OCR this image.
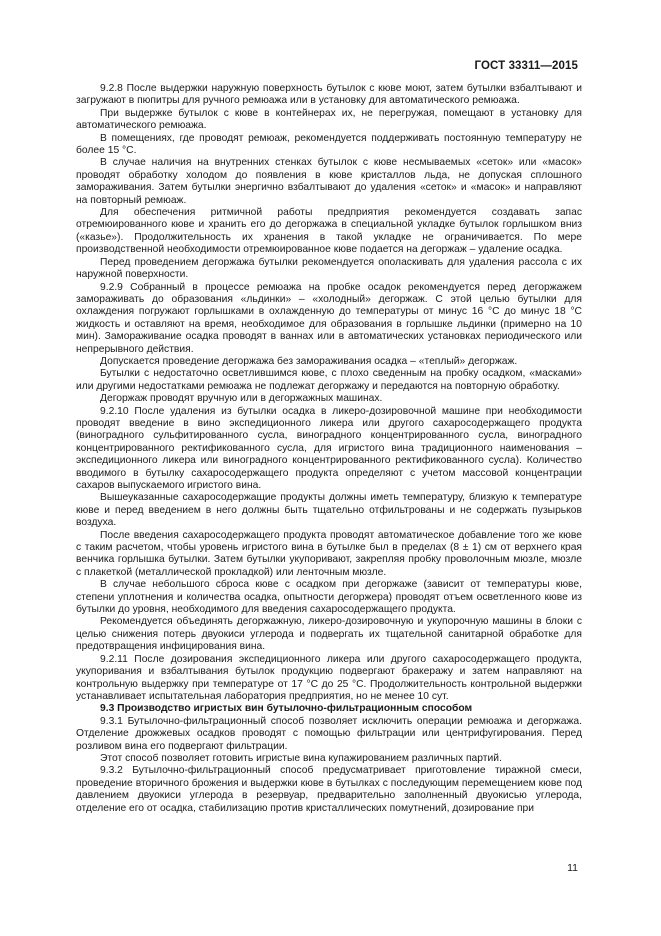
ГОСТ 33311—2015

9.2.8 После выдержки наружную поверхность бутылок с кюве моют, затем бутылки взбалтывают и загружают в пюпитры для ручного ремюажа или в установку для автоматического ремюажа.

При выдержке бутылок с кюве в контейнерах их, не перегружая, помещают в установку для автоматического ремюажа.

В помещениях, где проводят ремюаж, рекомендуется поддерживать постоянную температуру не более 15 °С.

В случае наличия на внутренних стенках бутылок с кюве несмываемых «сеток» или «масок» проводят обработку холодом до появления в кюве кристаллов льда, не допуская сплошного замораживания. Затем бутылки энергично взбалтывают до удаления «сеток» и «масок» и направляют на повторный ремюаж.

Для обеспечения ритмичной работы предприятия рекомендуется создавать запас отремюированного кюве и хранить его до дегоржажа в специальной укладке бутылок горлышком вниз («казье»). Продолжительность их хранения в такой укладке не ограничивается. По мере производственной необходимости отремюированное кюве подается на дегоржаж – удаление осадка.

Перед проведением дегоржажа бутылки рекомендуется ополаскивать для удаления рассола с их наружной поверхности.

9.2.9 Собранный в процессе ремюажа на пробке осадок рекомендуется перед дегоржажем замораживать до образования «льдинки» – «холодный» дегоржаж. С этой целью бутылки для охлаждения погружают горлышками в охлажденную до температуры от минус 16 °С до минус 18 °С жидкость и оставляют на время, необходимое для образования в горлышке льдинки (примерно на 10 мин). Замораживание осадка проводят в ваннах или в автоматических установках периодического или непрерывного действия.

Допускается проведение дегоржажа без замораживания осадка – «теплый» дегоржаж.

Бутылки с недостаточно осветлившимся кюве, с плохо сведенным на пробку осадком, «масками» или другими недостатками ремюажа не подлежат дегоржажу и передаются на повторную обработку.

Дегоржаж проводят вручную или в дегоржажных машинах.

9.2.10 После удаления из бутылки осадка в ликеро-дозировочной машине при необходимости проводят введение в вино экспедиционного ликера или другого сахаросодержащего продукта (виноградного сульфитированного сусла, виноградного концентрированного сусла, виноградного концентрированного ректификованного сусла, для игристого вина традиционного наименования – экспедиционного ликера или виноградного концентрированного ректификованного сусла). Количество вводимого в бутылку сахаросодержащего продукта определяют с учетом массовой концентрации сахаров выпускаемого игристого вина.

Вышеуказанные сахаросодержащие продукты должны иметь температуру, близкую к температуре кюве и перед введением в него должны быть тщательно отфильтрованы и не содержать пузырьков воздуха.

После введения сахаросодержащего продукта проводят автоматическое добавление того же кюве с таким расчетом, чтобы уровень игристого вина в бутылке был в пределах (8 ± 1) см от верхнего края венчика горлышка бутылки. Затем бутылки укупоривают, закрепляя пробку проволочным мюзле, мюзле с плакеткой (металлической прокладкой) или ленточным мюзле.

В случае небольшого сброса кюве с осадком при дегоржаже (зависит от температуры кюве, степени уплотнения и количества осадка, опытности дегоржера) проводят отъем осветленного кюве из бутылки до уровня, необходимого для введения сахаросодержащего продукта.

Рекомендуется объединять дегоржажную, ликеро-дозировочную и укупорочную машины в блоки с целью снижения потерь двуокиси углерода и подвергать их тщательной санитарной обработке для предотвращения инфицирования вина.

9.2.11 После дозирования экспедиционного ликера или другого сахаросодержащего продукта, укупоривания и взбалтывания бутылок продукцию подвергают бракеражу и затем направляют на контрольную выдержку при температуре от 17 °С до 25 °С. Продолжительность контрольной выдержки устанавливает испытательная лаборатория предприятия, но не менее 10 сут.

9.3 Производство игристых вин бутылочно-фильтрационным способом

9.3.1 Бутылочно-фильтрационный способ позволяет исключить операции ремюажа и дегоржажа. Отделение дрожжевых осадков проводят с помощью фильтрации или центрифугирования. Перед розливом вина его подвергают фильтрации.

Этот способ позволяет готовить игристые вина купажированием различных партий.

9.3.2 Бутылочно-фильтрационный способ предусматривает приготовление тиражной смеси, проведение вторичного брожения и выдержки кюве в бутылках с последующим перемещением кюве под давлением двуокиси углерода в резервуар, предварительно заполненный двуокисью углерода, отделение его от осадка, стабилизацию против кристаллических помутнений, дозирование при

11
